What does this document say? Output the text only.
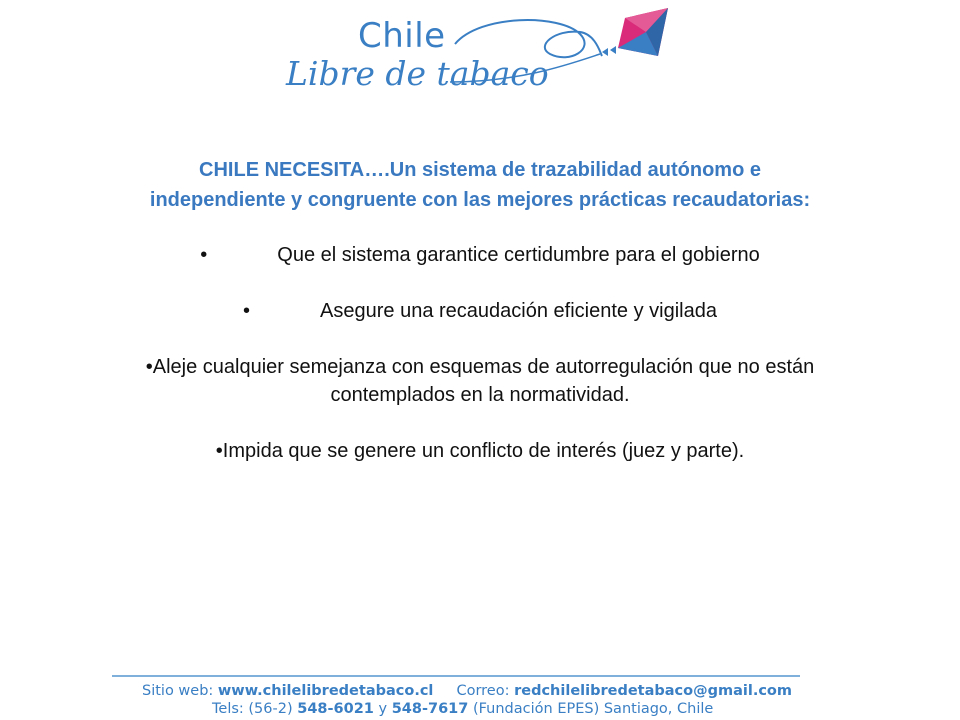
Chile
Libre de tabaco

CHILE NECESITA….Un sistema de trazabilidad autónomo e independiente y congruente con las mejores prácticas recaudatorias:

•	Que el sistema garantice certidumbre para el gobierno

•	Asegure una recaudación eficiente y vigilada

•Aleje cualquier semejanza con esquemas de autorregulación que no están contemplados en la normatividad.

•Impida que se genere un conflicto de interés (juez y parte).

Sitio web: www.chilelibredetabaco.cl Correo: redchilelibredetabaco@gmail.com
Tels: (56-2) 548-6021 y 548-7617 (Fundación EPES) Santiago, Chile
